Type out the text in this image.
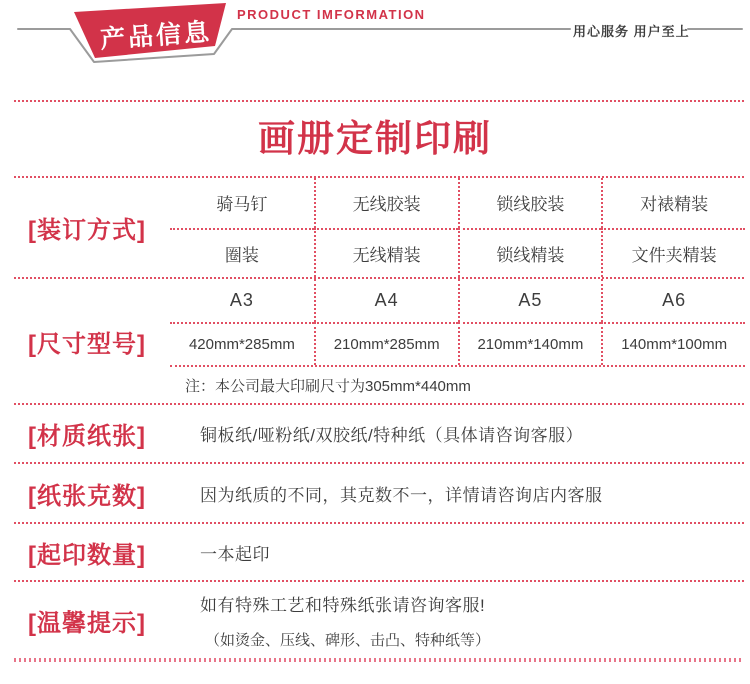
产品信息
PRODUCT IMFORMATION
用心服务 用户至上
画册定制印刷
[装订方式]
骑马钉	无线胶装	锁线胶装	对裱精装
圈装	无线精装	锁线精装	文件夹精装
[尺寸型号]
A3	A4	A5	A6
420mm*285mm	210mm*285mm	210mm*140mm	140mm*100mm
注：本公司最大印刷尺寸为305mm*440mm
[材质纸张]	铜板纸/哑粉纸/双胶纸/特种纸（具体请咨询客服）
[纸张克数]	因为纸质的不同，其克数不一，详情请咨询店内客服
[起印数量]	一本起印
[温馨提示]
如有特殊工艺和特殊纸张请咨询客服!
（如烫金、压线、碑形、击凸、特种纸等）
